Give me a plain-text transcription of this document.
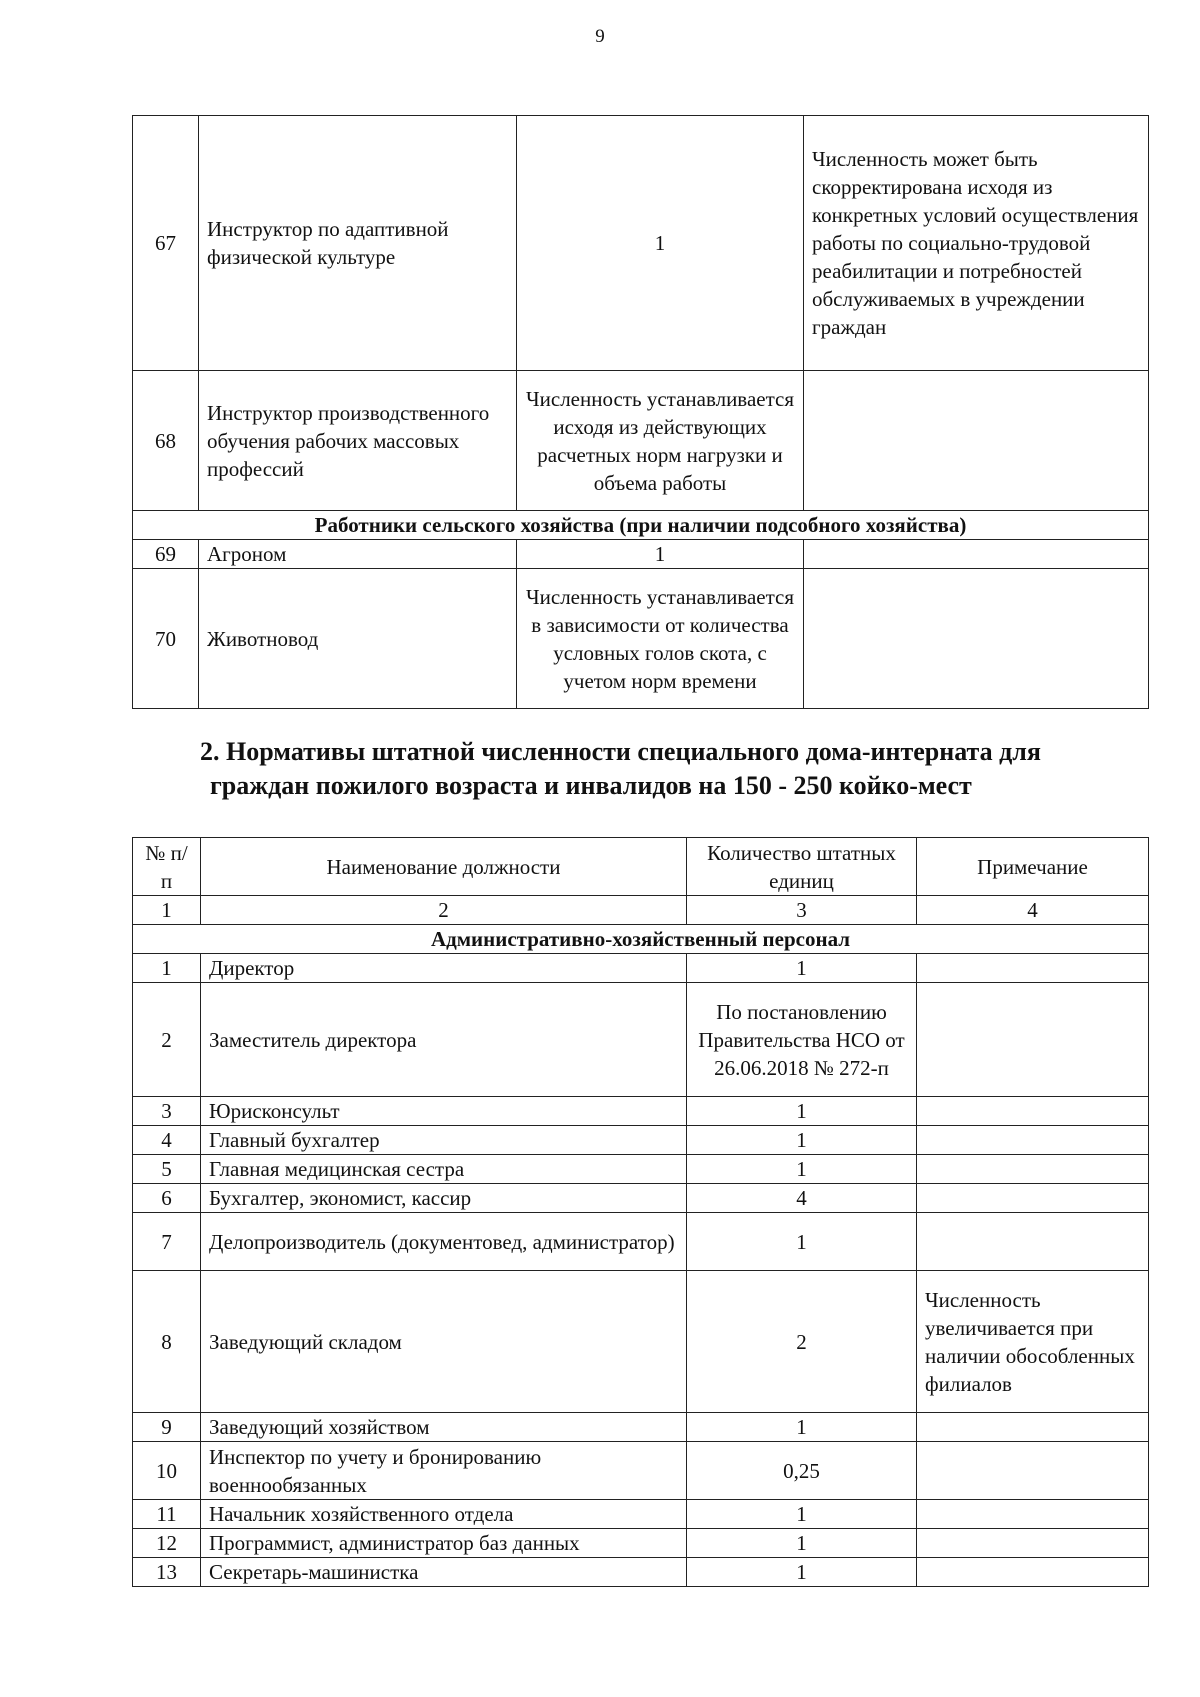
9
67	Инструктор по адаптивной физической культуре	1	Численность может быть скорректирована исходя из конкретных условий осуществления работы по социально-трудовой реабилитации и потребностей обслуживаемых в учреждении граждан
68	Инструктор производственного обучения рабочих массовых профессий	Численность устанавливается исходя из действующих расчетных норм нагрузки и объема работы	
Работники сельского хозяйства (при наличии подсобного хозяйства)			
69	Агроном	1	
70	Животновод	Численность устанавливается в зависимости от количества условных голов скота, с учетом норм времени	
2. Нормативы штатной численности специального дома-интерната для
граждан пожилого возраста и инвалидов на 150 - 250 койко-мест
№ п/п	Наименование должности	Количество штатных единиц	Примечание
1	2	3	4
Административно-хозяйственный персонал			
1	Директор	1	
2	Заместитель директора	По постановлению Правительства НСО от 26.06.2018 № 272-п	
3	Юрисконсульт	1	
4	Главный бухгалтер	1	
5	Главная медицинская сестра	1	
6	Бухгалтер, экономист, кассир	4	
7	Делопроизводитель (документовед, администратор)	1	
8	Заведующий складом	2	Численность увеличивается при наличии обособленных филиалов
9	Заведующий хозяйством	1	
10	Инспектор по учету и бронированию военнообязанных	0,25	
11	Начальник хозяйственного отдела	1	
12	Программист, администратор баз данных	1	
13	Секретарь-машинистка	1	
